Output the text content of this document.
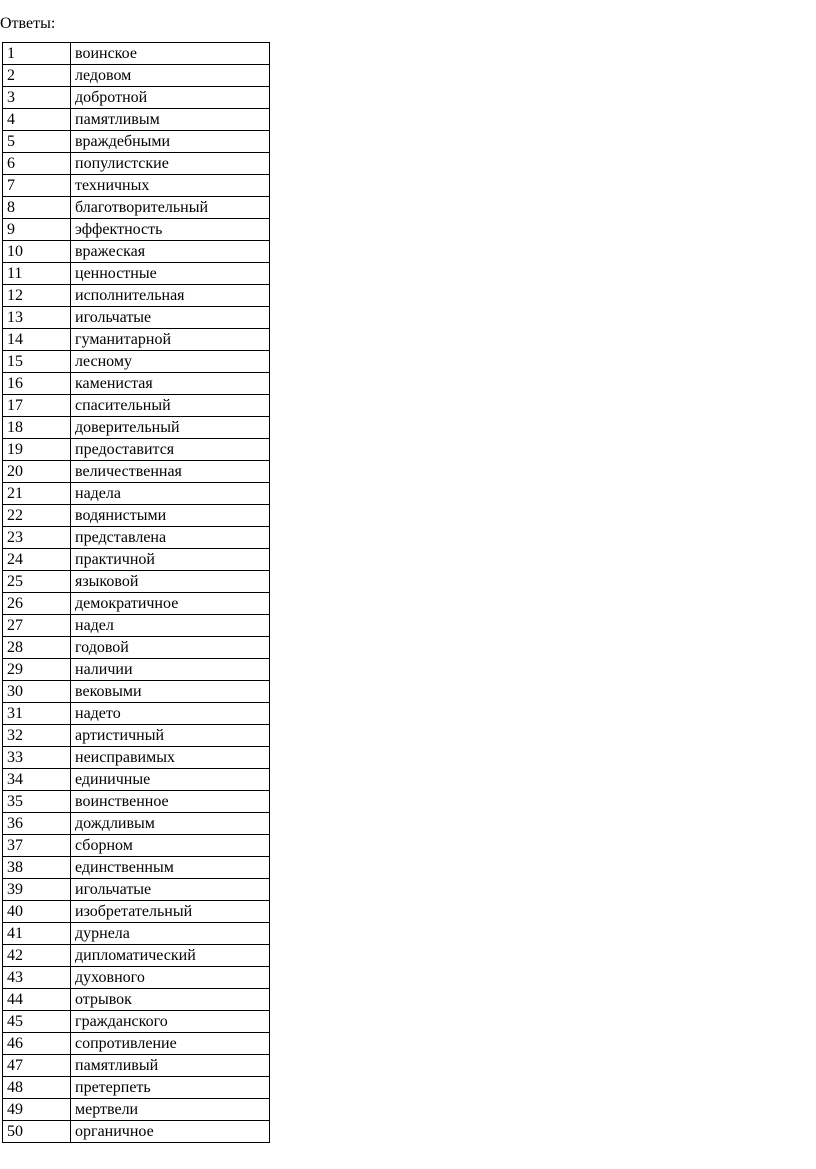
Ответы:
1	воинское
2	ледовом
3	добротной
4	памятливым
5	враждебными
6	популистские
7	техничных
8	благотворительный
9	эффектность
10	вражеская
11	ценностные
12	исполнительная
13	игольчатые
14	гуманитарной
15	лесному
16	каменистая
17	спасительный
18	доверительный
19	предоставится
20	величественная
21	надела
22	водянистыми
23	представлена
24	практичной
25	языковой
26	демократичное
27	надел
28	годовой
29	наличии
30	вековыми
31	надето
32	артистичный
33	неисправимых
34	единичные
35	воинственное
36	дождливым
37	сборном
38	единственным
39	игольчатые
40	изобретательный
41	дурнела
42	дипломатический
43	духовного
44	отрывок
45	гражданского
46	сопротивление
47	памятливый
48	претерпеть
49	мертвели
50	органичное
